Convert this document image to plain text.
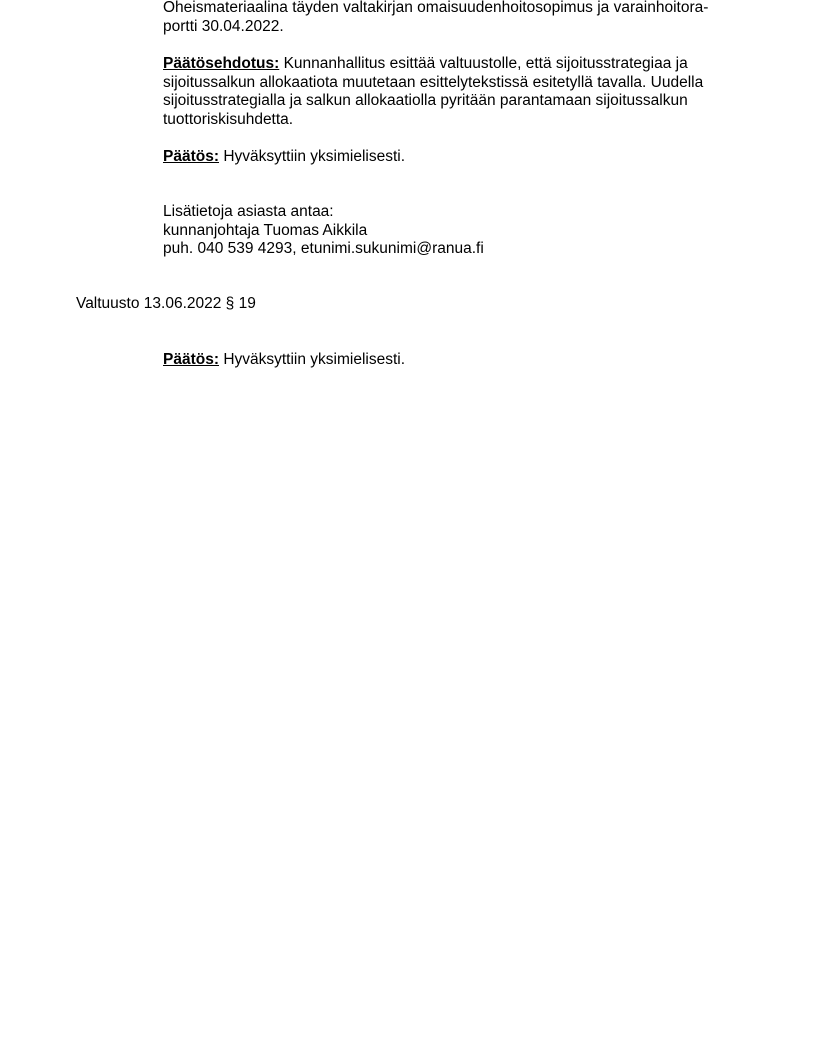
Oheismateriaalina täyden valtakirjan omaisuudenhoitosopimus ja varainhoitora-

portti 30.04.2022.

Päätösehdotus: Kunnanhallitus esittää valtuustolle, että sijoitusstrategiaa ja sijoitussalkun allokaatiota muutetaan esittelytekstissä esitetyllä tavalla. Uudella sijoitusstrategialla ja salkun allokaatiolla pyritään parantamaan sijoitussalkun tuottoriskisuhdetta.

Päätös: Hyväksyttiin yksimielisesti.

Lisätietoja asiasta antaa:

kunnanjohtaja Tuomas Aikkila

puh. 040 539 4293, etunimi.sukunimi@ranua.fi

Valtuusto 13.06.2022 § 19

Päätös: Hyväksyttiin yksimielisesti.
